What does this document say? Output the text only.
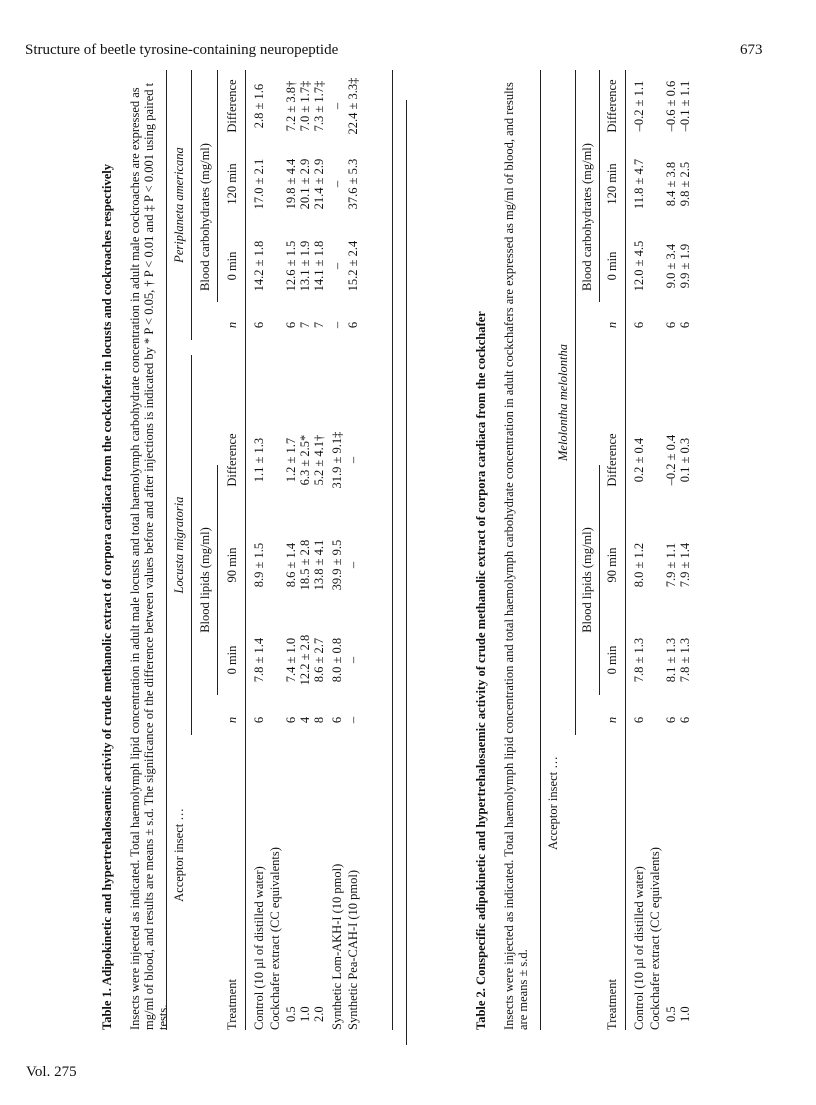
Structure of beetle tyrosine-containing neuropeptide	673
Vol. 275
Table 1. Adipokinetic and hypertrehalosaemic activity of crude methanolic extract of corpora cardiaca from the cockchafer in locusts and cockroaches respectively Insects were injected as indicated. Total haemolymph lipid concentration in adult male locusts and total haemolymph carbohydrate concentration in adult male cockroaches are expressed as mg/ml of blood, and results are means ± s.d. The significance of the difference between values before and after injections is indicated by * P < 0.05, † P < 0.01 and ‡ P < 0.001 using paired t tests.
Acceptor insect …
Locusta migratoria
Periplaneta americana
Blood lipids (mg/ml)
Blood carbohydrates (mg/ml)
Treatment
n
0 min
90 min
Difference
n
0 min
120 min
Difference
Control (10 µl of distilled water)
6
7.8 ± 1.4
8.9 ± 1.5
1.1 ± 1.3
6
14.2 ± 1.8
17.0 ± 2.1
2.8 ± 1.6
Cockchafer extract (CC equivalents) 0.5
6
7.4 ± 1.0
8.6 ± 1.4
1.2 ± 1.7
6
12.6 ± 1.5
19.8 ± 4.4
7.2 ± 3.8†
1.0
4
12.2 ± 2.8
18.5 ± 2.8
6.3 ± 2.5*
7
13.1 ± 1.9
20.1 ± 2.9
7.0 ± 1.7‡
2.0
8
8.6 ± 2.7
13.8 ± 4.1
5.2 ± 4.1†
7
14.1 ± 1.8
21.4 ± 2.9
7.3 ± 1.7‡
Synthetic Lom-AKH-I (10 pmol)
6
8.0 ± 0.8
39.9 ± 9.5
31.9 ± 9.1‡
–
–
–
–
Synthetic Pea-CAH-I (10 pmol)
–
–
–
–
6
15.2 ± 2.4
37.6 ± 5.3
22.4 ± 3.3‡
Table 2. Conspecific adipokinetic and hypertrehalosaemic activity of crude methanolic extract of corpora cardiaca from the cockchafer Insects were injected as indicated. Total haemolymph lipid concentration and total haemolymph carbohydrate concentration in adult cockchafers are expressed as mg/ml of blood, and results are means ± s.d.
Acceptor insect …
Melolontha melolontha
Blood lipids (mg/ml)
Blood carbohydrates (mg/ml)
Treatment
n
0 min
90 min
Difference
n
0 min
120 min
Difference
Control (10 µl of distilled water)
6
7.8 ± 1.3
8.0 ± 1.2
0.2 ± 0.4
6
12.0 ± 4.5
11.8 ± 4.7
–0.2 ± 1.1
Cockchafer extract (CC equivalents) 0.5
6
8.1 ± 1.3
7.9 ± 1.1
–0.2 ± 0.4
6
9.0 ± 3.4
8.4 ± 3.8
–0.6 ± 0.6
1.0
6
7.8 ± 1.3
7.9 ± 1.4
0.1 ± 0.3
6
9.9 ± 1.9
9.8 ± 2.5
–0.1 ± 1.1
